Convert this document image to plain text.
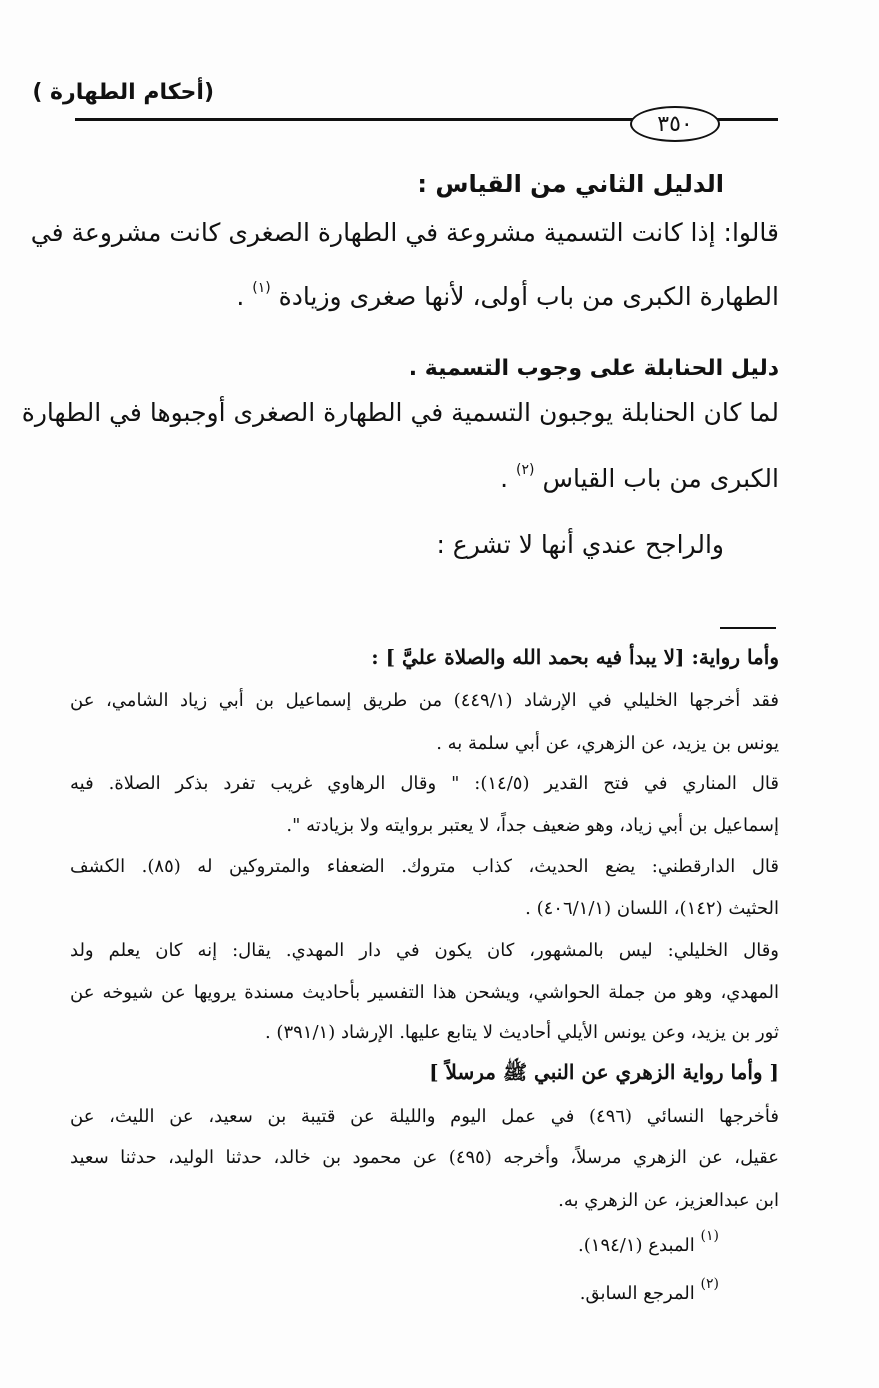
(أحكام الطهارة )
٣٥٠
الدليل الثاني من القياس :
قالوا: إذا كانت التسمية مشروعة في الطهارة الصغرى كانت مشروعة في
الطهارة الكبرى من باب أولى، لأنها صغرى وزيادة $^{(١)}$ .
دليل الحنابلة على وجوب التسمية .
لما كان الحنابلة يوجبون التسمية في الطهارة الصغرى أوجبوها في الطهارة
الكبرى من باب القياس $^{(٢)}$ .
والراجح عندي أنها لا تشرع :
وأما رواية: [لا يبدأ فيه بحمد الله والصلاة عليَّ ] :
فقد أخرجها الخليلي في الإرشاد (٤٤٩/١) من طريق إسماعيل بن أبي زياد الشامي، عن
يونس بن يزيد، عن الزهري، عن أبي سلمة به .
قال المناري في فتح القدير (١٤/٥): " وقال الرهاوي غريب تفرد بذكر الصلاة. فيه
إسماعيل بن أبي زياد، وهو ضعيف جداً، لا يعتبر بروايته ولا بزيادته ".
قال الدارقطني: يضع الحديث، كذاب متروك. الضعفاء والمتروكين له (٨٥). الكشف
الحثيث (١٤٢)، اللسان (٤٠٦/١/١) .
وقال الخليلي: ليس بالمشهور، كان يكون في دار المهدي. يقال: إنه كان يعلم ولد
المهدي، وهو من جملة الحواشي، ويشحن هذا التفسير بأحاديث مسندة يرويها عن شيوخه عن
ثور بن يزيد، وعن يونس الأيلي أحاديث لا يتابع عليها. الإرشاد (٣٩١/١) .
[ وأما رواية الزهري عن النبي ﷺ مرسلاً ]
فأخرجها النسائي (٤٩٦) في عمل اليوم والليلة عن قتيبة بن سعيد، عن الليث، عن
عقيل، عن الزهري مرسلاً، وأخرجه (٤٩٥) عن محمود بن خالد، حدثنا الوليد، حدثنا سعيد
ابن عبدالعزيز، عن الزهري به.
$^{(١)}$ المبدع (١٩٤/١).
$^{(٢)}$ المرجع السابق.
